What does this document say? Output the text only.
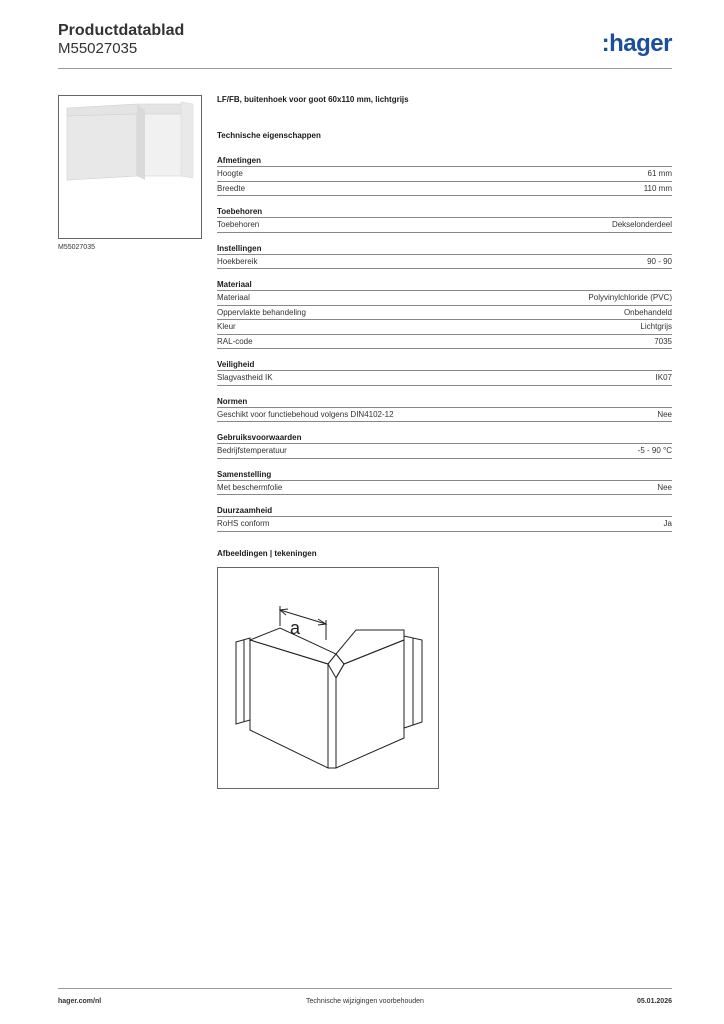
Productdatablad
M55027035	:hager
M55027035
LF/FB, buitenhoek voor goot 60x110 mm, lichtgrijs
Technische eigenschappen
Afmetingen
Hoogte	61 mm
Breedte	110 mm
Toebehoren
Toebehoren	Dekselonderdeel
Instellingen
Hoekbereik	90 - 90
Materiaal
Materiaal	Polyvinylchloride (PVC)
Oppervlakte behandeling	Onbehandeld
Kleur	Lichtgrijs
RAL-code	7035
Veiligheid
Slagvastheid IK	IK07
Normen
Geschikt voor functiebehoud volgens DIN4102-12	Nee
Gebruiksvoorwaarden
Bedrijfstemperatuur	-5 - 90 °C
Samenstelling
Met beschermfolie	Nee
Duurzaamheid
RoHS conform	Ja
Afbeeldingen | tekeningen
a
hager.com/nl	Technische wijzigingen voorbehouden	05.01.2026
